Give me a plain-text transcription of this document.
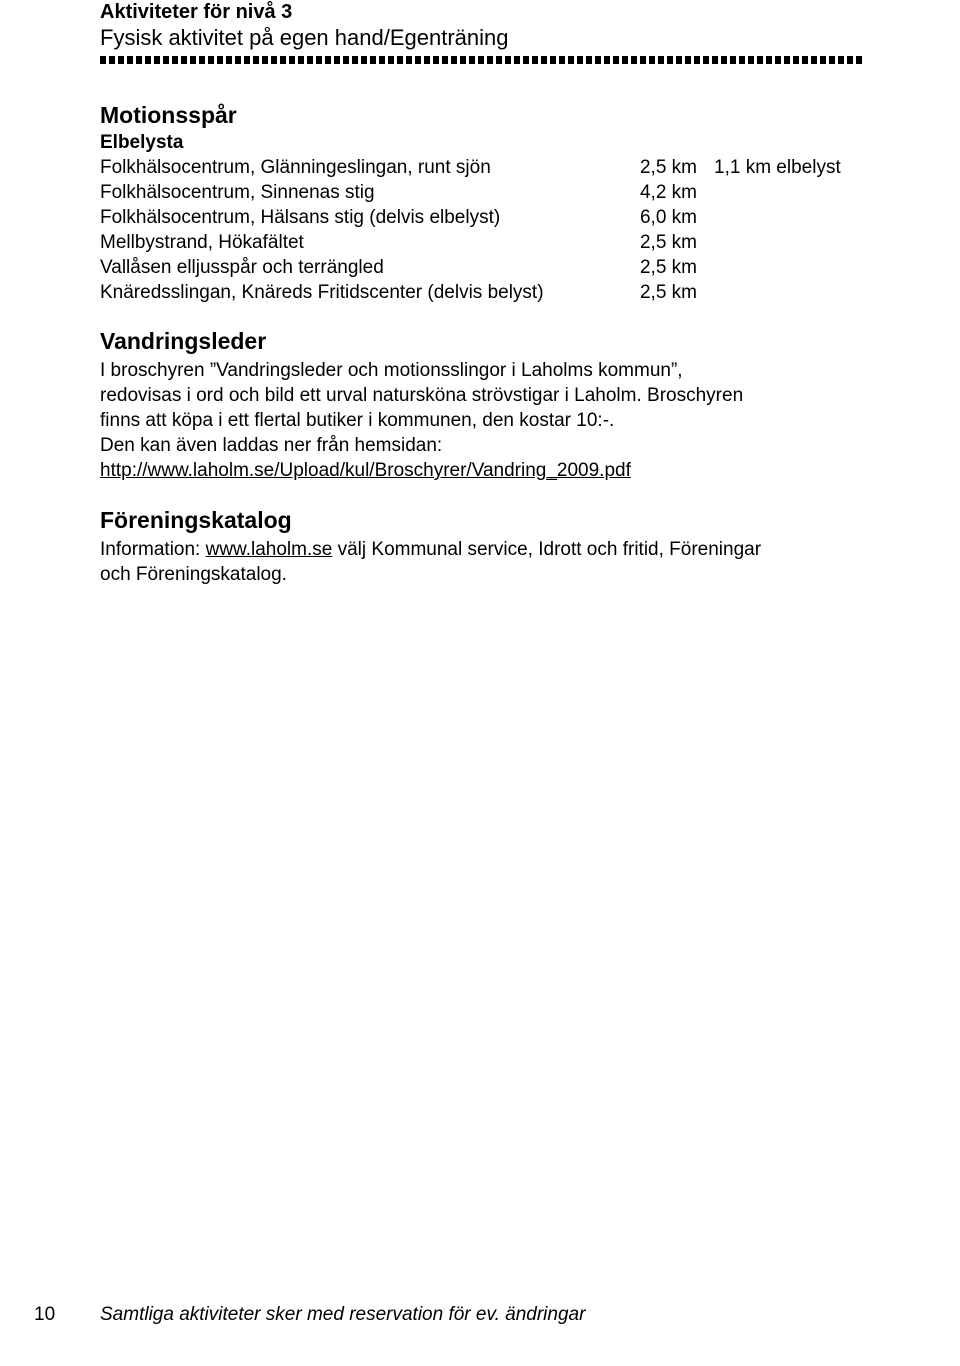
Aktiviteter för nivå 3
Fysisk aktivitet på egen hand/Egenträning
Motionsspår
Elbelysta
Folkhälsocentrum, Glänningeslingan, runt sjön	2,5 km 1,1 km elbelyst
Folkhälsocentrum, Sinnenas stig	4,2 km
Folkhälsocentrum, Hälsans stig (delvis elbelyst)	6,0 km
Mellbystrand, Hökafältet	2,5 km
Vallåsen elljusspår och terrängled	2,5 km
Knäredsslingan, Knäreds Fritidscenter (delvis belyst)	2,5 km
Vandringsleder
I broschyren ”Vandringsleder och motionsslingor i Laholms kommun”,
redovisas i ord och bild ett urval natursköna strövstigar i Laholm. Broschyren
finns att köpa i ett flertal butiker i kommunen, den kostar 10:-.
Den kan även laddas ner från hemsidan:
http://www.laholm.se/Upload/kul/Broschyrer/Vandring_2009.pdf
Föreningskatalog
Information: www.laholm.se välj Kommunal service, Idrott och fritid, Föreningar
och Föreningskatalog.
10 Samtliga aktiviteter sker med reservation för ev. ändringar
